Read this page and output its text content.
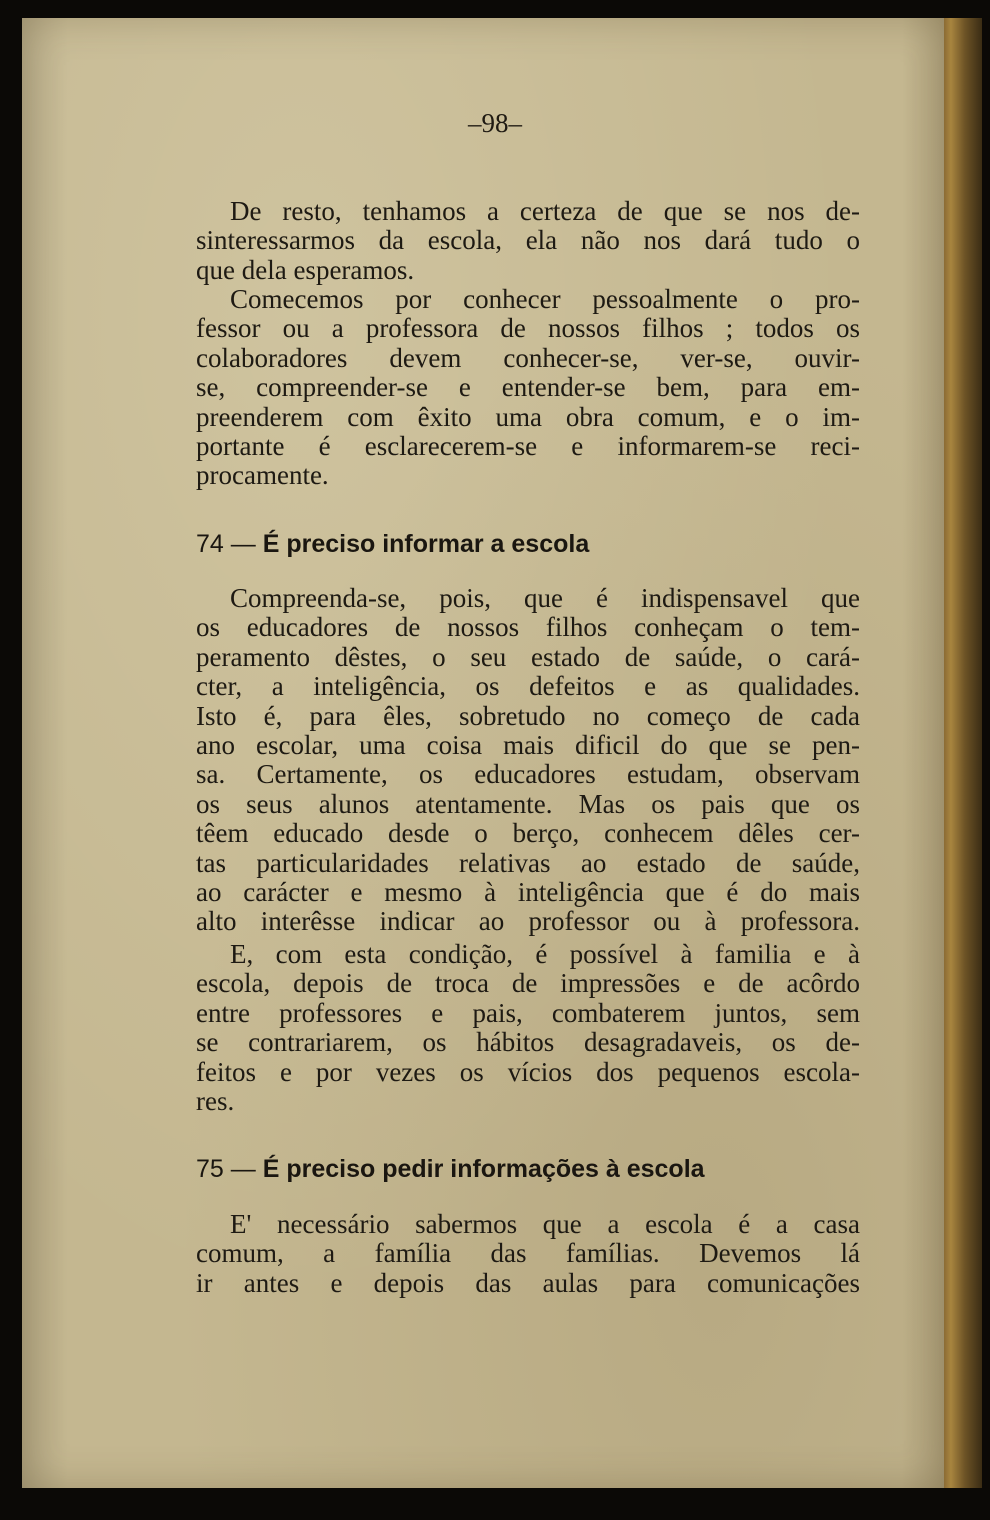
–98–
De resto, tenhamos a certeza de que se nos de-
sinteressarmos da escola, ela não nos dará tudo o
que dela esperamos.
Comecemos por conhecer pessoalmente o pro-
fessor ou a professora de nossos filhos ; todos os
colaboradores devem conhecer-se, ver-se, ouvir-
se, compreender-se e entender-se bem, para em-
preenderem com êxito uma obra comum, e o im-
portante é esclarecerem-se e informarem-se reci-
procamente.
74 — É preciso informar a escola
Compreenda-se, pois, que é indispensavel que
os educadores de nossos filhos conheçam o tem-
peramento dêstes, o seu estado de saúde, o cará-
cter, a inteligência, os defeitos e as qualidades.
Isto é, para êles, sobretudo no começo de cada
ano escolar, uma coisa mais dificil do que se pen-
sa. Certamente, os educadores estudam, observam
os seus alunos atentamente. Mas os pais que os
têem educado desde o berço, conhecem dêles cer-
tas particularidades relativas ao estado de saúde,
ao carácter e mesmo à inteligência que é do mais
alto interêsse indicar ao professor ou à professora.
E, com esta condição, é possível à familia e à
escola, depois de troca de impressões e de acôrdo
entre professores e pais, combaterem juntos, sem
se contrariarem, os hábitos desagradaveis, os de-
feitos e por vezes os vícios dos pequenos escola-
res.
75 — É preciso pedir informações à escola
E' necessário sabermos que a escola é a casa
comum, a família das famílias. Devemos lá
ir antes e depois das aulas para comunicações
